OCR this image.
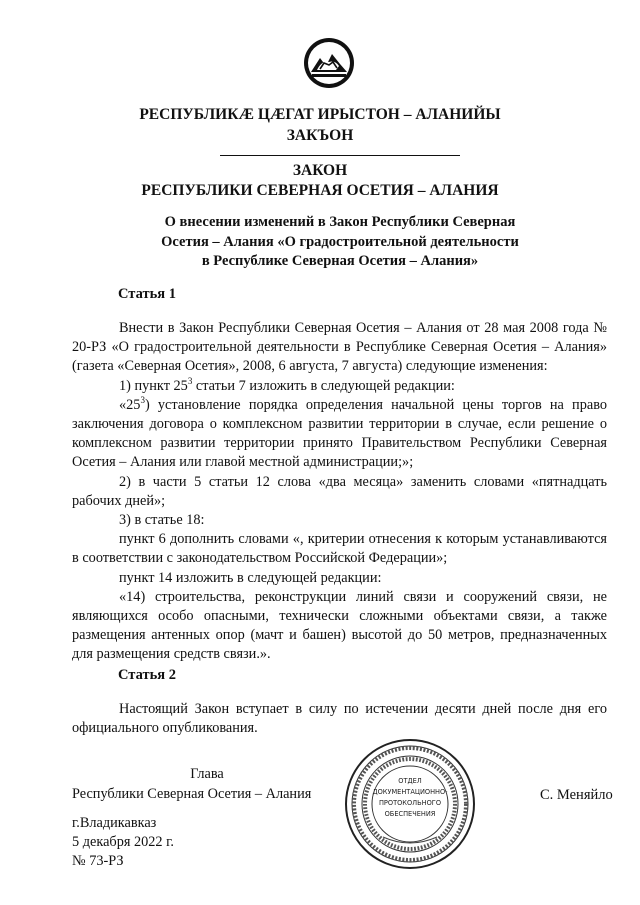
РЕСПУБЛИКӔ ЦӔГАТ ИРЫСТОН – АЛАНИЙЫ
ЗАКЪОН
ЗАКОН
РЕСПУБЛИКИ СЕВЕРНАЯ ОСЕТИЯ – АЛАНИЯ
О внесении изменений в Закон Республики Северная
Осетия – Алания «О градостроительной деятельности
в Республике Северная Осетия – Алания»
Статья 1

Внести в Закон Республики Северная Осетия – Алания от 28 мая 2008 года № 20-РЗ «О градостроительной деятельности в Республике Северная Осетия – Алания» (газета «Северная Осетия», 2008, 6 августа, 7 августа) следующие изменения:

1) пункт $25^3$ статьи 7 изложить в следующей редакции:

«$25^3$) установление порядка определения начальной цены торгов на право заключения договора о комплексном развитии территории в случае, если решение о комплексном развитии территории принято Правительством Республики Северная Осетия – Алания или главой местной администрации;»;

2) в части 5 статьи 12 слова «два месяца» заменить словами «пятнадцать рабочих дней»;

3) в статье 18:

пункт 6 дополнить словами «, критерии отнесения к которым устанавливаются в соответствии с законодательством Российской Федерации»;

пункт 14 изложить в следующей редакции:

«14) строительства, реконструкции линий связи и сооружений связи, не являющихся особо опасными, технически сложными объектами связи, а также размещения антенных опор (мачт и башен) высотой до 50 метров, предназначенных для размещения средств связи.».

Статья 2

Настоящий Закон вступает в силу по истечении десяти дней после дня его официального опубликования.

Глава
Республики Северная Осетия – Алания
ОТДЕЛ
ДОКУМЕНТАЦИОННО-
ПРОТОКОЛЬНОГО
ОБЕСПЕЧЕНИЯ
С. Меняйло
г.Владикавказ
5 декабря 2022 г.
№ 73-РЗ
